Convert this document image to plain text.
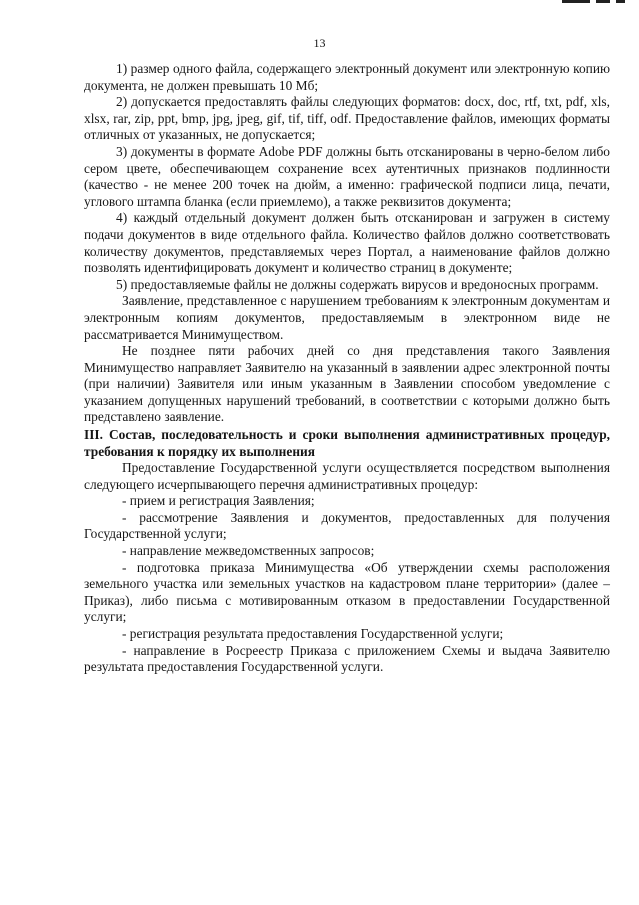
13

1) размер одного файла, содержащего электронный документ или электронную копию документа, не должен превышать 10 Мб;

2) допускается предоставлять файлы следующих форматов: docx, doc, rtf, txt, pdf, xls, xlsx, rar, zip, ppt, bmp, jpg, jpeg, gif, tif, tiff, odf. Предоставление файлов, имеющих форматы отличных от указанных, не допускается;

3) документы в формате Adobe PDF должны быть отсканированы в черно-белом либо сером цвете, обеспечивающем сохранение всех аутентичных признаков подлинности (качество - не менее 200 точек на дюйм, а именно: графической подписи лица, печати, углового штампа бланка (если приемлемо), а также реквизитов документа;

4) каждый отдельный документ должен быть отсканирован и загружен в систему подачи документов в виде отдельного файла. Количество файлов должно соответствовать количеству документов, представляемых через Портал, а наименование файлов должно позволять идентифицировать документ и количество страниц в документе;

5) предоставляемые файлы не должны содержать вирусов и вредоносных программ.

Заявление, представленное с нарушением требованиям к электронным документам и электронным копиям документов, предоставляемым в электронном виде не рассматривается Минимуществом.

Не позднее пяти рабочих дней со дня представления такого Заявления Минимущество направляет Заявителю на указанный в заявлении адрес электронной почты (при наличии) Заявителя или иным указанным в Заявлении способом уведомление с указанием допущенных нарушений требований, в соответствии с которыми должно быть представлено заявление.

III. Состав, последовательность и сроки выполнения административных процедур, требования к порядку их выполнения

Предоставление Государственной услуги осуществляется посредством выполнения следующего исчерпывающего перечня административных процедур:

- прием и регистрация Заявления;

- рассмотрение Заявления и документов, предоставленных для получения Государственной услуги;

- направление межведомственных запросов;

- подготовка приказа Минимущества «Об утверждении схемы расположения земельного участка или земельных участков на кадастровом плане территории» (далее – Приказ), либо письма с мотивированным отказом в предоставлении Государственной услуги;

- регистрация результата предоставления Государственной услуги;

- направление в Росреестр Приказа с приложением Схемы и выдача Заявителю результата предоставления Государственной услуги.
